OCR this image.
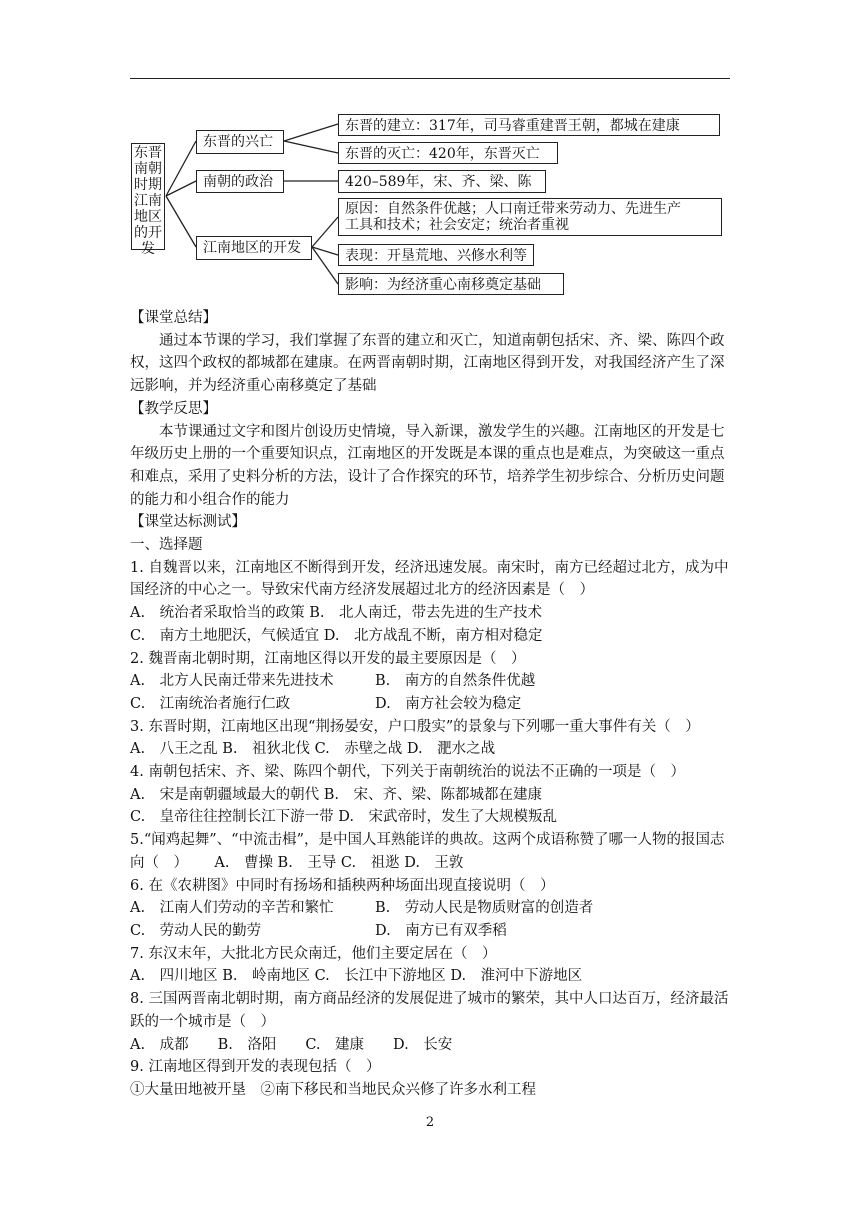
东晋南朝时期江南地区的开发
东晋的兴亡
南朝的政治
江南地区的开发
东晋的建立：317年，司马睿重建晋王朝，都城在建康
东晋的灭亡：420年，东晋灭亡
420–589年，宋、齐、梁、陈
原因：自然条件优越；人口南迁带来劳动力、先进生产
工具和技术；社会安定；统治者重视
表现：开垦荒地、兴修水利等
影响：为经济重心南移奠定基础

【课堂总结】

通过本节课的学习，我们掌握了东晋的建立和灭亡，知道南朝包括宋、齐、梁、陈四个政权，这四个政权的都城都在建康。在两晋南朝时期，江南地区得到开发，对我国经济产生了深远影响，并为经济重心南移奠定了基础

【教学反思】

本节课通过文字和图片创设历史情境，导入新课，激发学生的兴趣。江南地区的开发是七年级历史上册的一个重要知识点，江南地区的开发既是本课的重点也是难点，为突破这一重点和难点，采用了史料分析的方法，设计了合作探究的环节，培养学生初步综合、分析历史问题的能力和小组合作的能力

【课堂达标测试】

一、选择题

1. 自魏晋以来，江南地区不断得到开发，经济迅速发展。南宋时，南方已经超过北方，成为中国经济的中心之一。导致宋代南方经济发展超过北方的经济因素是（　）

A.　统治者采取恰当的政策 B.　北人南迁，带去先进的生产技术

C.　南方土地肥沃，气候适宜 D.　北方战乱不断，南方相对稳定

2. 魏晋南北朝时期，江南地区得以开发的最主要原因是（　）

A.　北方人民南迁带来先进技术	B.　南方的自然条件优越
C.　江南统治者施行仁政	D.　南方社会较为稳定

3. 东晋时期，江南地区出现“荆扬晏安，户口殷实”的景象与下列哪一重大事件有关（　）

A.　八王之乱 B.　祖狄北伐 C.　赤壁之战 D.　淝水之战

4. 南朝包括宋、齐、梁、陈四个朝代，下列关于南朝统治的说法不正确的一项是（　）

A.　宋是南朝疆域最大的朝代 B.　宋、齐、梁、陈都城都在建康

C.　皇帝往往控制长江下游一带 D.　宋武帝时，发生了大规模叛乱

5.“闻鸡起舞”、“中流击楫”，是中国人耳熟能详的典故。这两个成语称赞了哪一人物的报国志向（　）　　 A.　曹操 B.　王导 C.　祖逖 D.　王敦

6. 在《农耕图》中同时有扬场和插秧两种场面出现直接说明（　）

A.　江南人们劳动的辛苦和繁忙	B.　劳动人民是物质财富的创造者
C.　劳动人民的勤劳	D.　南方已有双季稻

7. 东汉末年，大批北方民众南迁，他们主要定居在（　）

A.　四川地区 B.　岭南地区 C.　长江中下游地区 D.　淮河中下游地区

8. 三国两晋南北朝时期，南方商品经济的发展促进了城市的繁荣，其中人口达百万，经济最活跃的一个城市是（　）

A.　成都　　B.　洛阳　　C.　建康　　D.　长安

9. 江南地区得到开发的表现包括（　）

①大量田地被开垦　②南下移民和当地民众兴修了许多水利工程

2
